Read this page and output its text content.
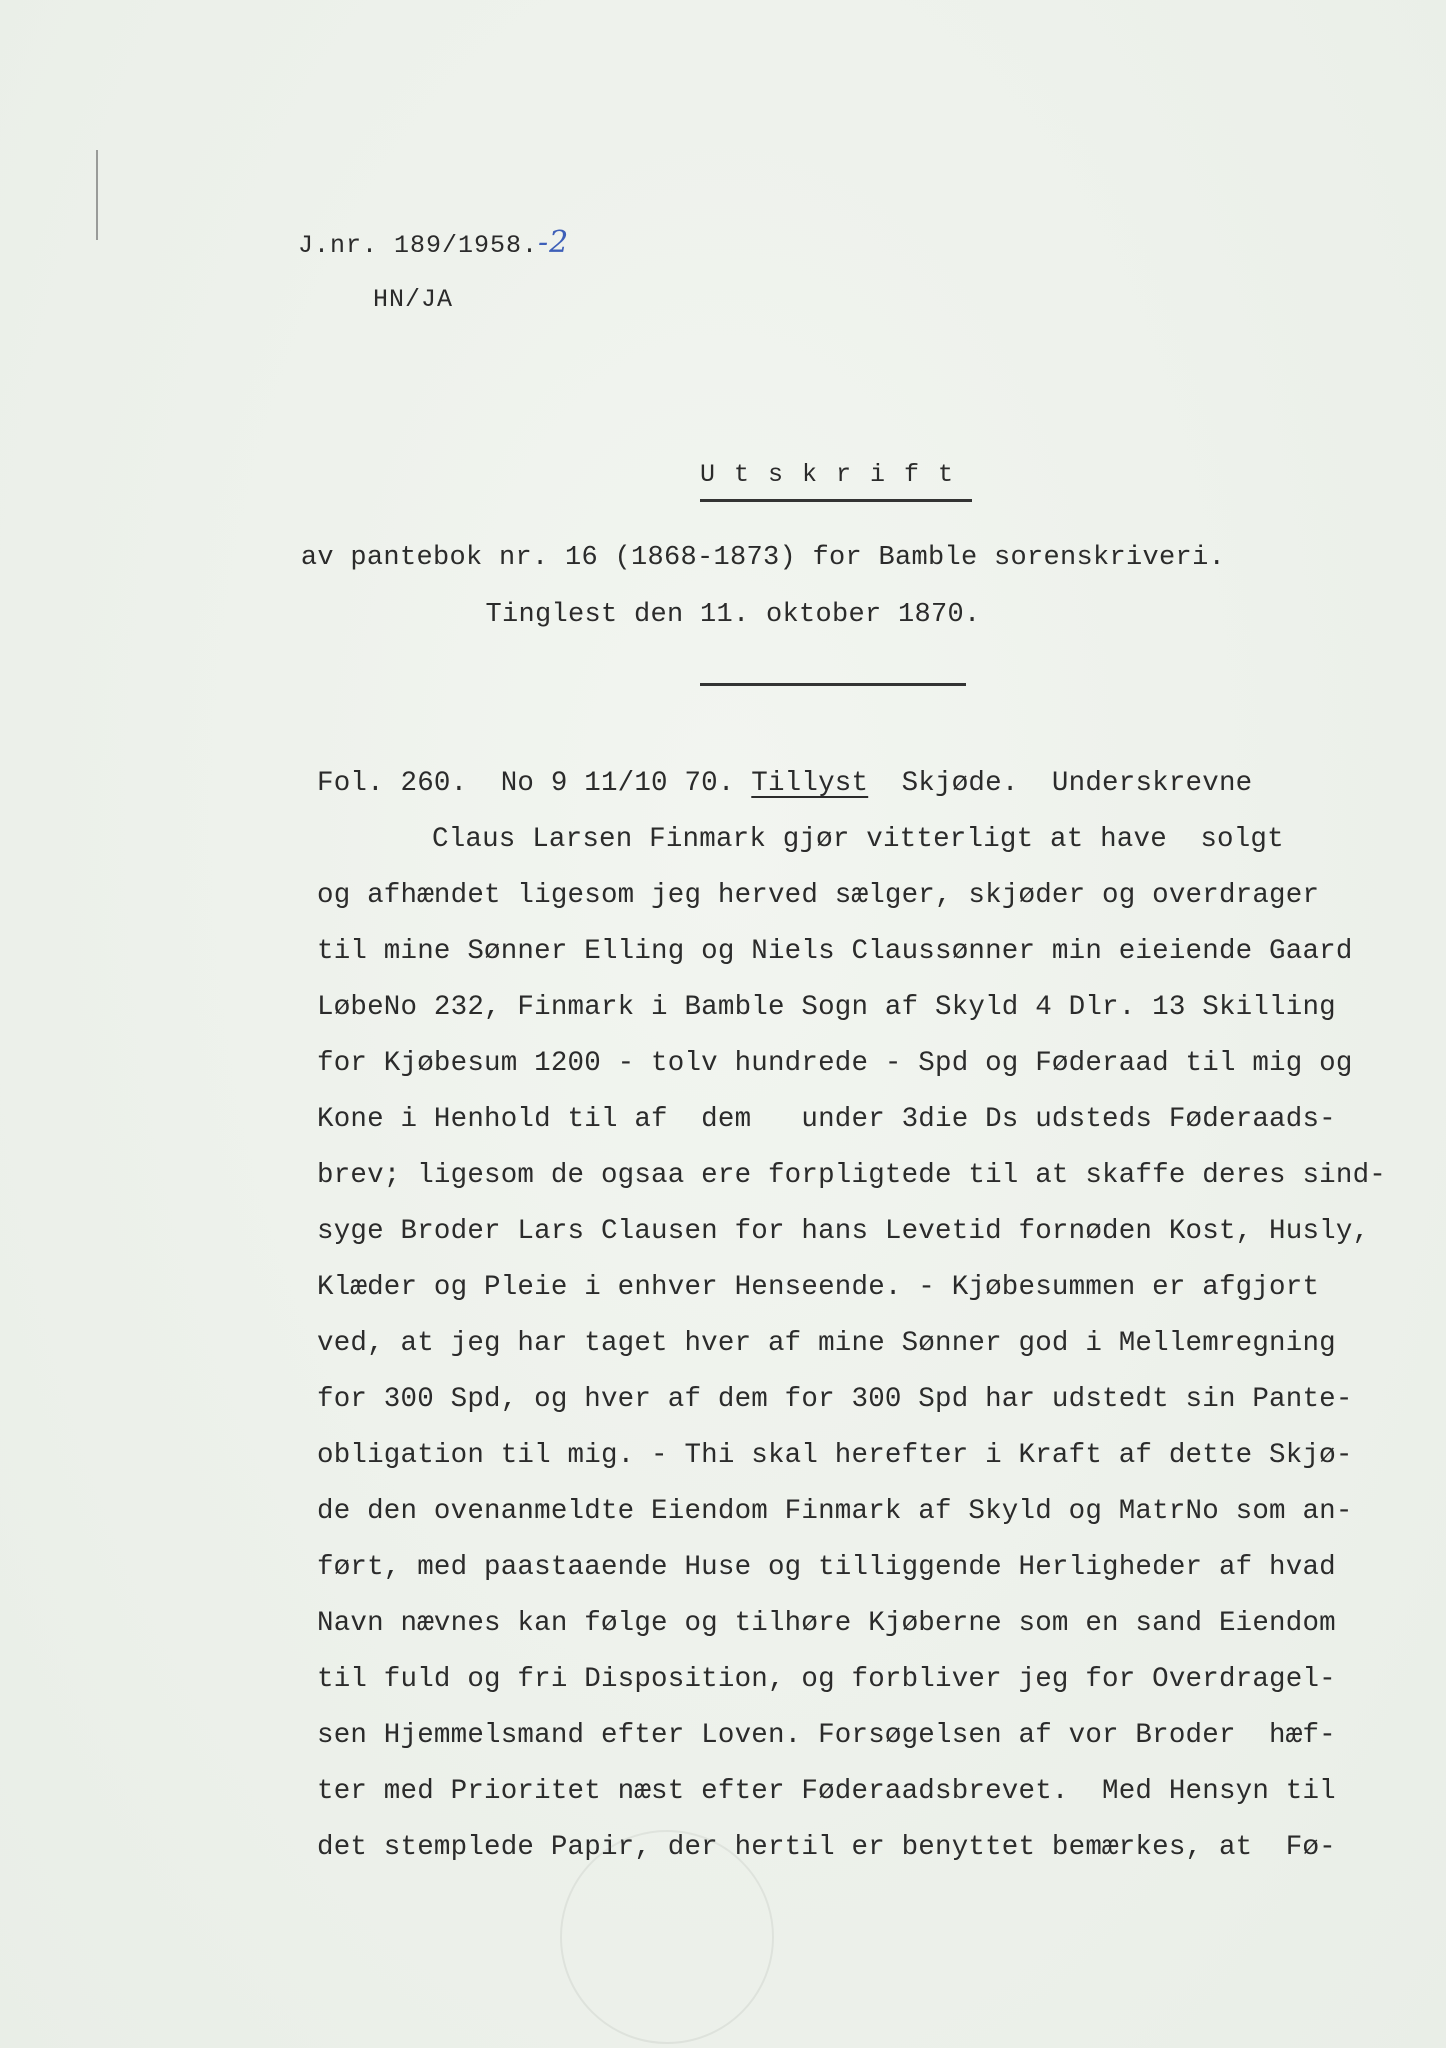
J.nr. 189/1958.-2
HN/JA
Utskrift
av pantebok nr. 16 (1868-1873) for Bamble sorenskriveri.
Tinglest den 11. oktober 1870.
Fol. 260.  No 9 11/10 70. Tillyst Skjøde.  Underskrevne
Claus Larsen Finmark gjør vitterligt at have  solgt
og afhændet ligesom jeg herved sælger, skjøder og overdrager
til mine Sønner Elling og Niels Claussønner min eieiende Gaard
LøbeNo 232, Finmark i Bamble Sogn af Skyld 4 Dlr. 13 Skilling
for Kjøbesum 1200 - tolv hundrede - Spd og Føderaad til mig og
Kone i Henhold til af  dem   under 3die Ds udsteds Føderaads-
brev; ligesom de ogsaa ere forpligtede til at skaffe deres sind-
syge Broder Lars Clausen for hans Levetid fornøden Kost, Husly,
Klæder og Pleie i enhver Henseende. - Kjøbesummen er afgjort
ved, at jeg har taget hver af mine Sønner god i Mellemregning
for 300 Spd, og hver af dem for 300 Spd har udstedt sin Pante-
obligation til mig. - Thi skal herefter i Kraft af dette Skjø-
de den ovenanmeldte Eiendom Finmark af Skyld og MatrNo som an-
ført, med paastaaende Huse og tilliggende Herligheder af hvad
Navn nævnes kan følge og tilhøre Kjøberne som en sand Eiendom
til fuld og fri Disposition, og forbliver jeg for Overdragel-
sen Hjemmelsmand efter Loven. Forsøgelsen af vor Broder  hæf-
ter med Prioritet næst efter Føderaadsbrevet.  Med Hensyn til
det stemplede Papir, der hertil er benyttet bemærkes, at  Fø-
